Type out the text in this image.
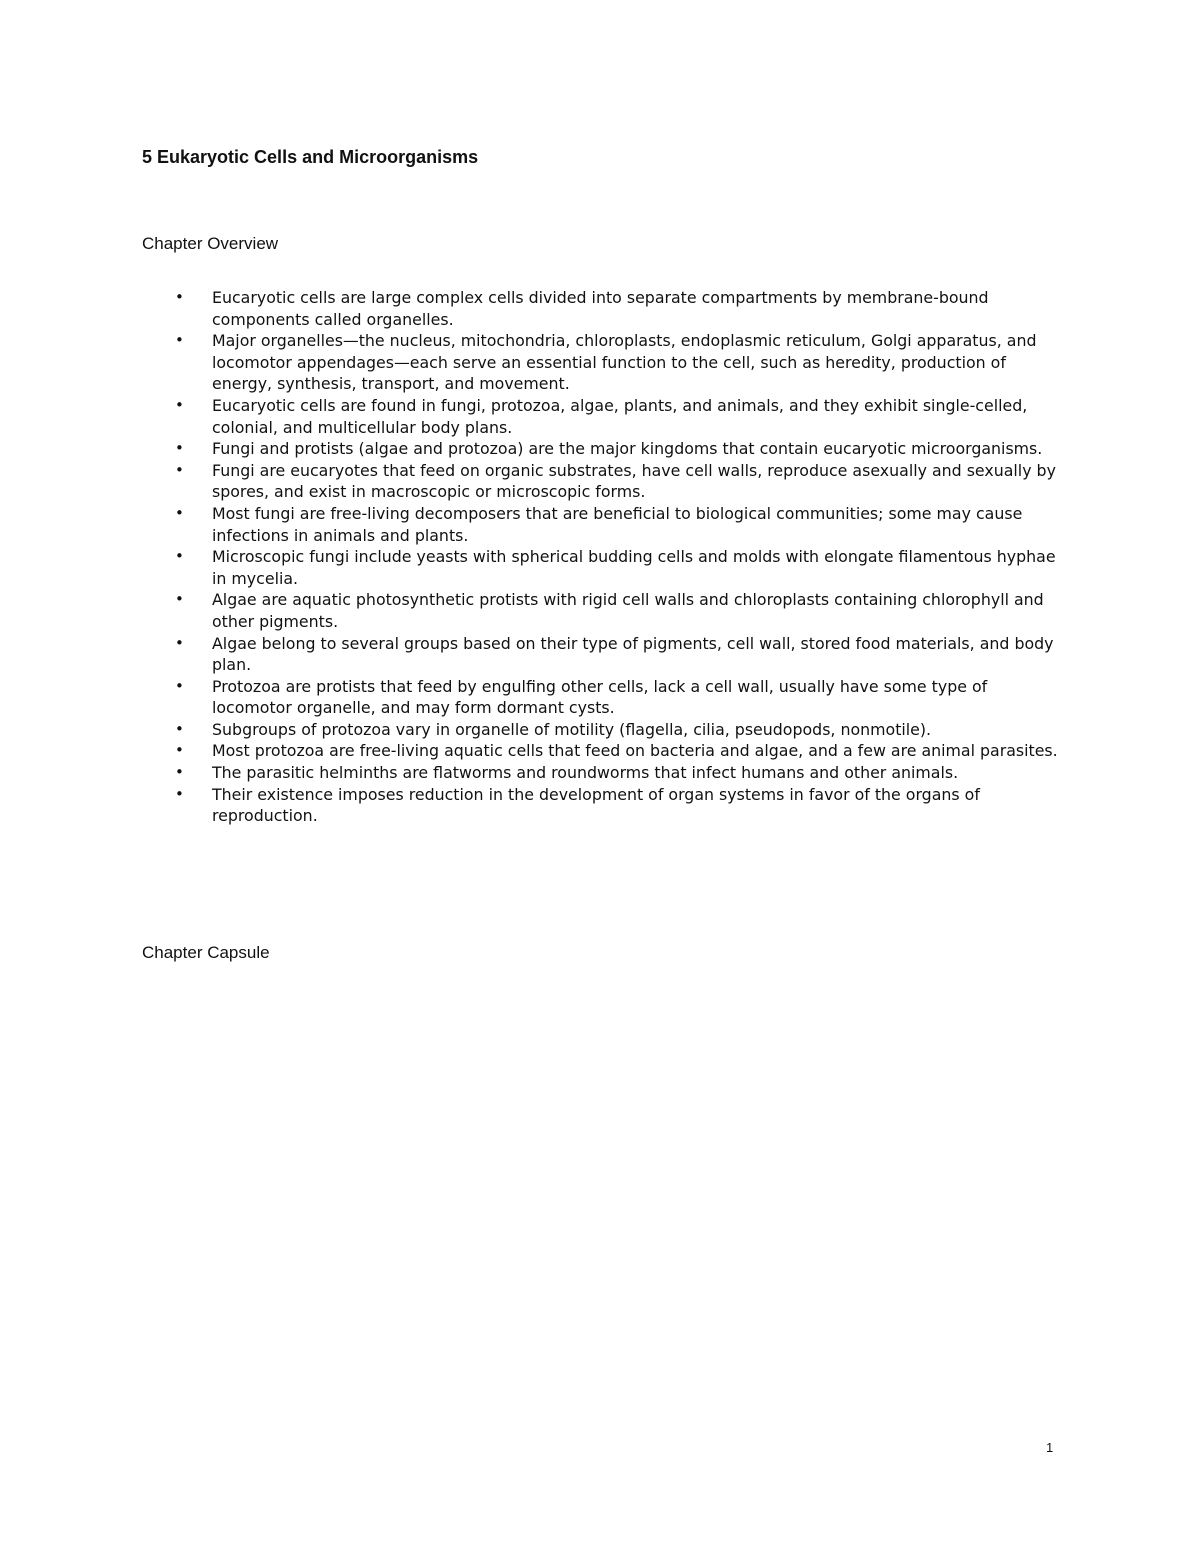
5 Eukaryotic Cells and Microorganisms
Chapter Overview
• Eucaryotic cells are large complex cells divided into separate compartments by membrane-bound components called organelles.
• Major organelles—the nucleus, mitochondria, chloroplasts, endoplasmic reticulum, Golgi apparatus, and locomotor appendages—each serve an essential function to the cell, such as heredity, production of energy, synthesis, transport, and movement.
• Eucaryotic cells are found in fungi, protozoa, algae, plants, and animals, and they exhibit single-celled, colonial, and multicellular body plans.
• Fungi and protists (algae and protozoa) are the major kingdoms that contain eucaryotic microorganisms.
• Fungi are eucaryotes that feed on organic substrates, have cell walls, reproduce asexually and sexually by spores, and exist in macroscopic or microscopic forms.
• Most fungi are free-living decomposers that are beneficial to biological communities; some may cause infections in animals and plants.
• Microscopic fungi include yeasts with spherical budding cells and molds with elongate filamentous hyphae in mycelia.
• Algae are aquatic photosynthetic protists with rigid cell walls and chloroplasts containing chlorophyll and other pigments.
• Algae belong to several groups based on their type of pigments, cell wall, stored food materials, and body plan.
• Protozoa are protists that feed by engulfing other cells, lack a cell wall, usually have some type of locomotor organelle, and may form dormant cysts.
• Subgroups of protozoa vary in organelle of motility (flagella, cilia, pseudopods, nonmotile).
• Most protozoa are free-living aquatic cells that feed on bacteria and algae, and a few are animal parasites.
• The parasitic helminths are flatworms and roundworms that infect humans and other animals.
• Their existence imposes reduction in the development of organ systems in favor of the organs of reproduction.
Chapter Capsule
1
